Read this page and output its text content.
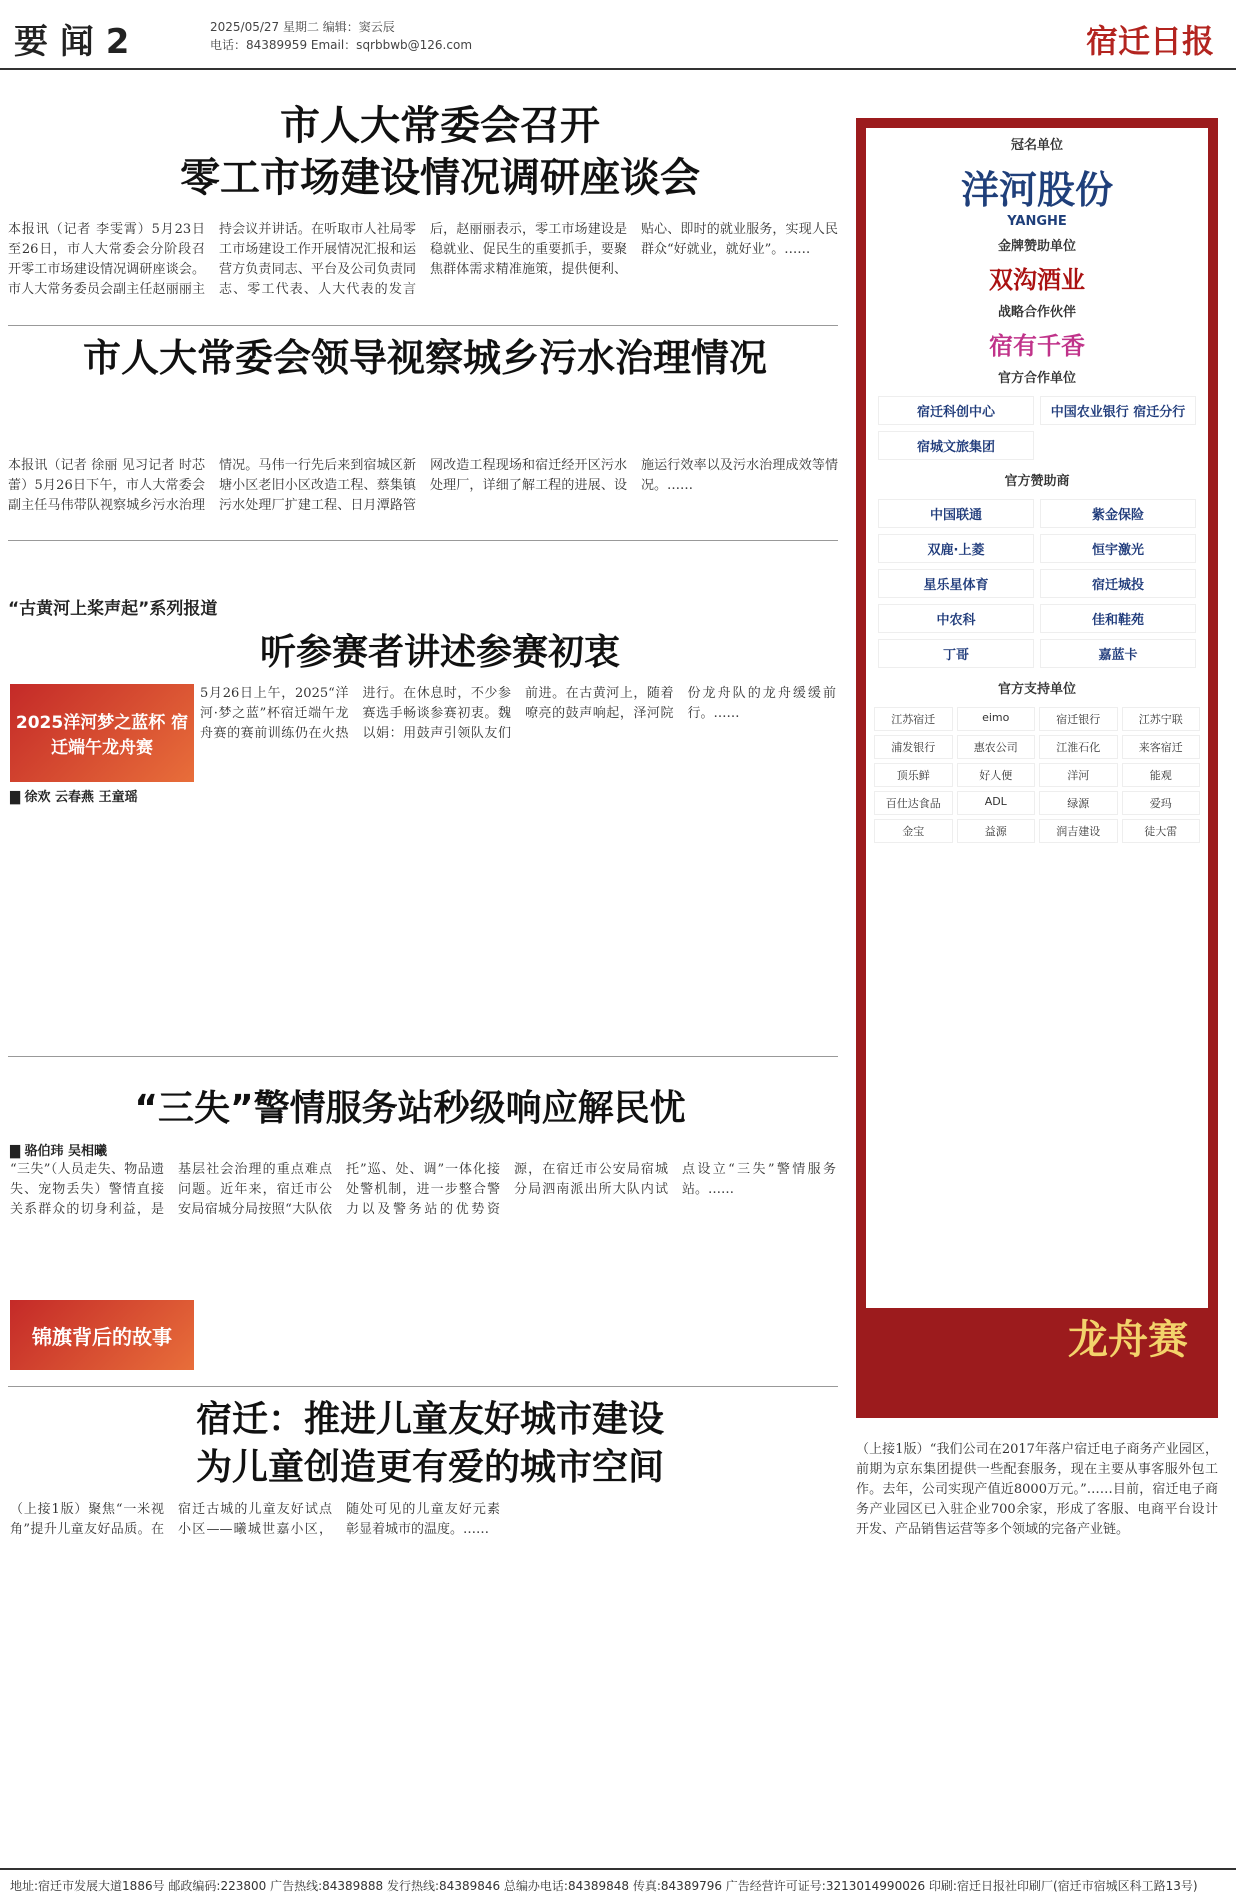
要 闻 2	2025/05/27 星期二 编辑：窦云辰
电话：84389959 Email：sqrbbwb@126.com	宿迁日报
市人大常委会召开
零工市场建设情况调研座谈会
本报讯（记者 李雯霄）5月23日至26日，市人大常委会分阶段召开零工市场建设情况调研座谈会。市人大常务委员会副主任赵丽丽主持会议并讲话。在听取市人社局零工市场建设工作开展情况汇报和运营方负责同志、平台及公司负责同志、零工代表、人大代表的发言后，赵丽丽表示，零工市场建设是稳就业、促民生的重要抓手，要聚焦群体需求精准施策，提供便利、贴心、即时的就业服务，实现人民群众“好就业，就好业”。……
市人大常委会领导视察城乡污水治理情况
本报讯（记者 徐丽 见习记者 时芯蕾）5月26日下午，市人大常委会副主任马伟带队视察城乡污水治理情况。马伟一行先后来到宿城区新塘小区老旧小区改造工程、蔡集镇污水处理厂扩建工程、日月潭路管网改造工程现场和宿迁经开区污水处理厂，详细了解工程的进展、设施运行效率以及污水治理成效等情况。……
“古黄河上桨声起”系列报道
听参赛者讲述参赛初衷
2025洋河梦之蓝杯 宿迁端午龙舟赛
▇ 徐欢 云春燕 王童瑶
5月26日上午，2025“洋河·梦之蓝”杯宿迁端午龙舟赛的赛前训练仍在火热进行。在休息时，不少参赛选手畅谈参赛初衷。魏以娟：用鼓声引领队友们前进。在古黄河上，随着嘹亮的鼓声响起，泽河院份龙舟队的龙舟缓缓前行。……
“三失”警情服务站秒级响应解民忧
▇ 骆伯玮 吴相曦
锦旗背后的故事
“三失”（人员走失、物品遗失、宠物丢失）警情直接关系群众的切身利益，是基层社会治理的重点难点问题。近年来，宿迁市公安局宿城分局按照“大队依托”巡、处、调”一体化接处警机制，进一步整合警力以及警务站的优势资源，在宿迁市公安局宿城分局泗南派出所大队内试点设立“三失”警情服务站。……
宿迁：推进儿童友好城市建设
为儿童创造更有爱的城市空间
（上接1版）聚焦“一米视角”提升儿童友好品质。在宿迁古城的儿童友好试点小区——曦城世嘉小区，随处可见的儿童友好元素彰显着城市的温度。……
（上接1版）“我们公司在2017年落户宿迁电子商务产业园区，前期为京东集团提供一些配套服务，现在主要从事客服外包工作。去年，公司实现产值近8000万元。”……目前，宿迁电子商务产业园区已入驻企业700余家，形成了客服、电商平台设计开发、产品销售运营等多个领域的完备产业链。
冠名单位
洋河股份
YANGHE
金牌赞助单位
双沟酒业
战略合作伙伴
宿有千香
官方合作单位
宿迁科创中心	中国农业银行 宿迁分行
宿城文旅集团
官方赞助商
中国联通	紫金保险
双鹿·上菱	恒宇激光
星乐星体育	宿迁城投
中农科	佳和鞋苑
丁哥	嘉蓝卡
官方支持单位
江苏宿迁	eimo	宿迁银行	江苏宁联
浦发银行	惠农公司	江淮石化	来客宿迁
顶乐鲜	好人便	洋河	能观
百仕达食品	ADL	绿源	爱玛
金宝	益源	润吉建设	徒大雷
龙舟赛
地址:宿迁市发展大道1886号 邮政编码:223800 广告热线:84389888 发行热线:84389846 总编办电话:84389848 传真:84389796 广告经营许可证号:3213014990026 印刷:宿迁日报社印刷厂(宿迁市宿城区科工路13号)
